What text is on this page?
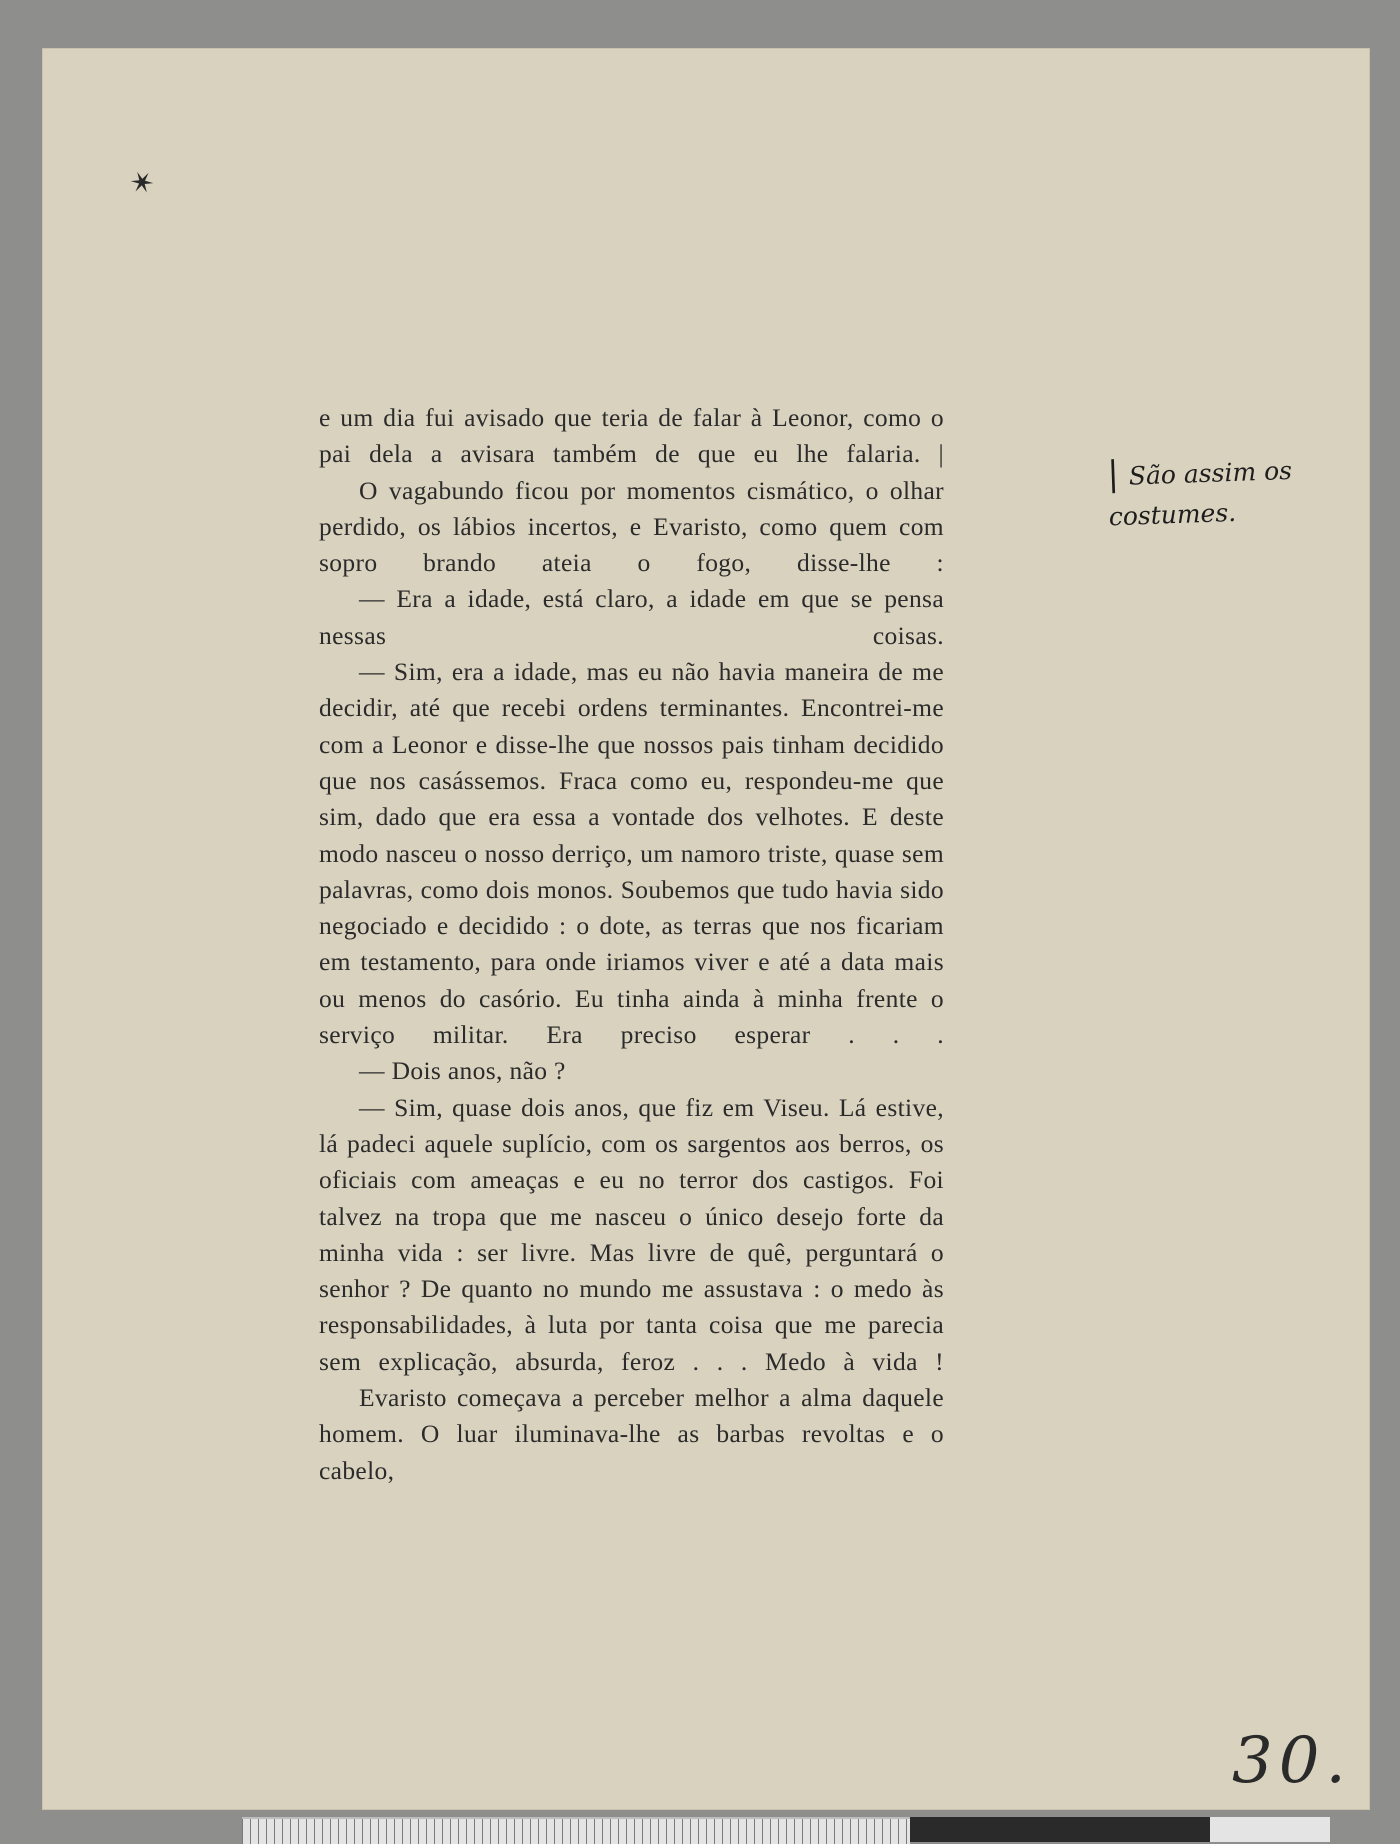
✶

e um dia fui avisado que teria de falar à Leonor, como o pai dela a avisara também de que eu lhe falaria. |

O vagabundo ficou por momentos cismático, o olhar perdido, os lábios incertos, e Evaristo, como quem com sopro brando ateia o fogo, disse-lhe :

— Era a idade, está claro, a idade em que se pensa nessas coisas.

— Sim, era a idade, mas eu não havia maneira de me decidir, até que recebi ordens terminantes. Encontrei-me com a Leonor e disse-lhe que nossos pais tinham decidido que nos casássemos. Fraca como eu, respondeu-me que sim, dado que era essa a vontade dos velhotes. E deste modo nasceu o nosso derriço, um namoro triste, quase sem palavras, como dois monos. Soubemos que tudo havia sido negociado e decidido : o dote, as terras que nos ficariam em testamento, para onde iriamos viver e até a data mais ou menos do casório. Eu tinha ainda à minha frente o serviço militar. Era preciso esperar . . .

— Dois anos, não ?

— Sim, quase dois anos, que fiz em Viseu. Lá estive, lá padeci aquele suplício, com os sargentos aos berros, os oficiais com ameaças e eu no terror dos castigos. Foi talvez na tropa que me nasceu o único desejo forte da minha vida : ser livre. Mas livre de quê, perguntará o senhor ? De quanto no mundo me assustava : o medo às responsabilidades, à luta por tanta coisa que me parecia sem explicação, absurda, feroz . . . Medo à vida !

Evaristo começava a perceber melhor a alma daquele homem. O luar iluminava-lhe as barbas revoltas e o cabelo,

| São assim os costumes.
30.
